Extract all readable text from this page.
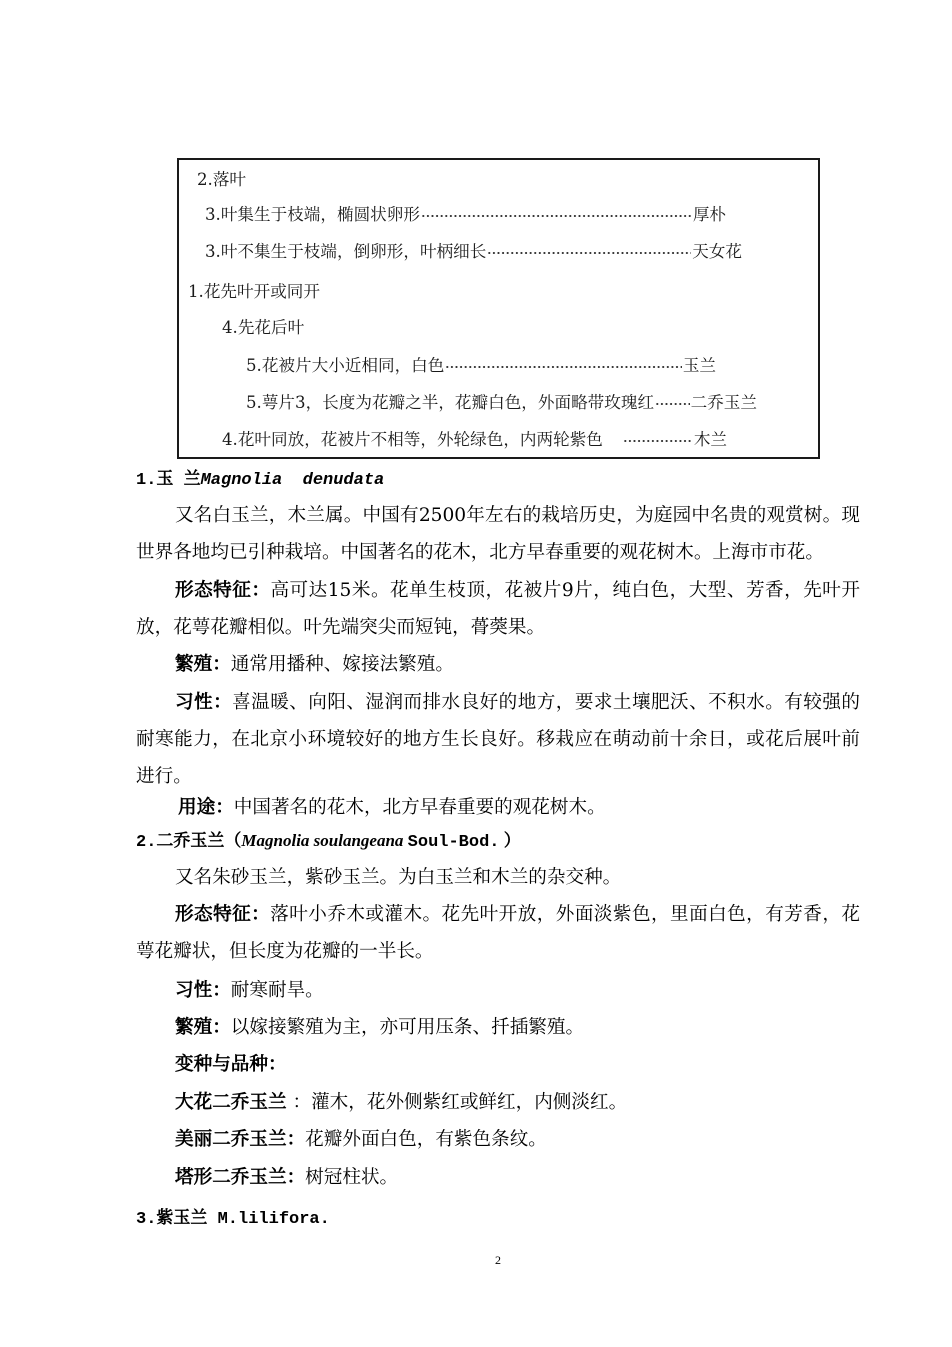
2.落叶
3.叶集生于枝端，椭圆状卵形	厚朴
3.叶不集生于枝端，倒卵形，叶柄细长	天女花
1.花先叶开或同开
4.先花后叶
5.花被片大小近相同，白色	玉兰
5.萼片3，长度为花瓣之半，花瓣白色，外面略带玫瑰红 二乔玉兰
4.花叶同放，花被片不相等，外轮绿色，内两轮紫色	木兰
1.玉 兰Magnolia  denudata
又名白玉兰，木兰属。中国有2500年左右的栽培历史，为庭园中名贵的观赏树。现
世界各地均已引种栽培。中国著名的花木，北方早春重要的观花树木。上海市市花。
形态特征：高可达15米。花单生枝顶，花被片9片，纯白色，大型、芳香，先叶开
放，花萼花瓣相似。叶先端突尖而短钝，蓇葖果。
繁殖：通常用播种、嫁接法繁殖。
习性：喜温暖、向阳、湿润而排水良好的地方，要求土壤肥沃、不积水。有较强的
耐寒能力，在北京小环境较好的地方生长良好。移栽应在萌动前十余日，或花后展叶前
进行。
用途：中国著名的花木，北方早春重要的观花树木。
2.二乔玉兰（Magnolia soulangeana Soul-Bod. ）
又名朱砂玉兰，紫砂玉兰。为白玉兰和木兰的杂交种。
形态特征：落叶小乔木或灌木。花先叶开放，外面淡紫色，里面白色，有芳香，花
萼花瓣状，但长度为花瓣的一半长。
习性：耐寒耐旱。
繁殖：以嫁接繁殖为主，亦可用压条、扦插繁殖。
变种与品种：
大花二乔玉兰 ：灌木，花外侧紫红或鲜红，内侧淡红。
美丽二乔玉兰：花瓣外面白色，有紫色条纹。
塔形二乔玉兰：树冠柱状。
3.紫玉兰 M.lilifora.
2
